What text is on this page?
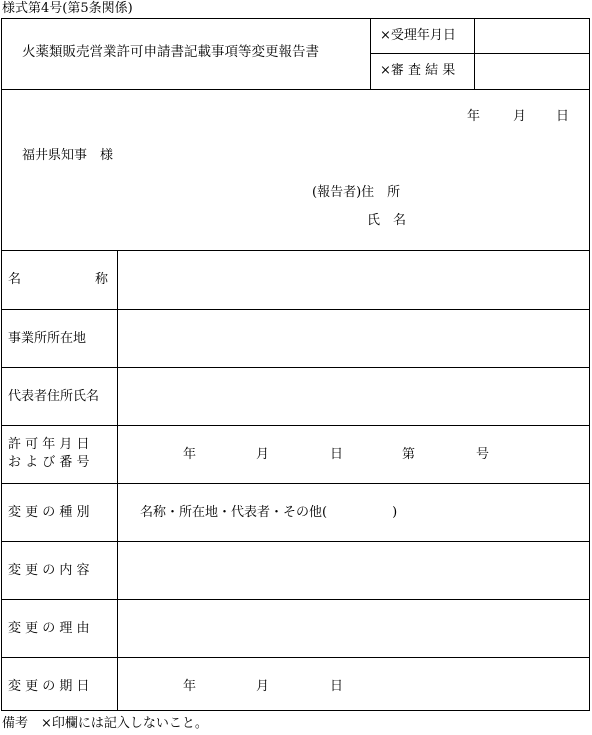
様式第4号(第5条関係)
火薬類販売営業許可申請書記載事項等変更報告書
×受理年月日
×審 査 結 果
年	月 日
福井県知事　様
(報告者)住　所
氏　名
名	称
事業所所在地
代表者住所氏名
許 可 年 月 日
お よ び 番 号
年	月	日	第	号
変 更 の 種 別	名称・所在地・代表者・その他(　　　　　)
変 更 の 内 容
変 更 の 理 由
変 更 の 期 日	年	月	日
備考　×印欄には記入しないこと。
